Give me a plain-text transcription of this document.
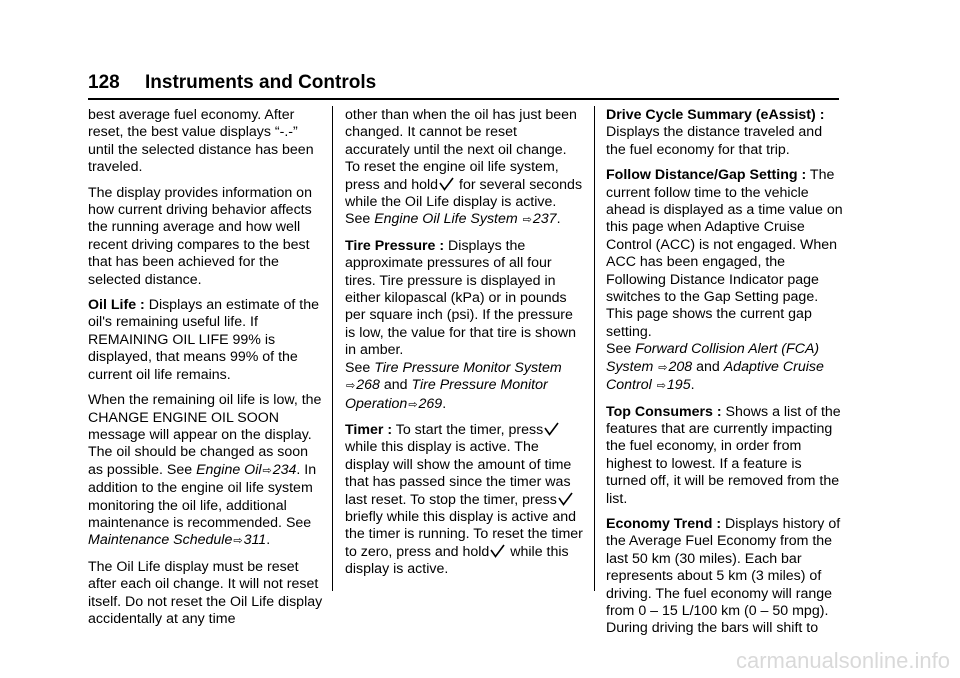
128 Instruments and Controls

best average fuel economy. After reset, the best value displays “-.-” until the selected distance has been traveled.

The display provides information on how current driving behavior affects the running average and how well recent driving compares to the best that has been achieved for the selected distance.

Oil Life : Displays an estimate of the oil's remaining useful life. If REMAINING OIL LIFE 99% is displayed, that means 99% of the current oil life remains.

When the remaining oil life is low, the CHANGE ENGINE OIL SOON message will appear on the display. The oil should be changed as soon as possible. See Engine Oil⇨234. In addition to the engine oil life system monitoring the oil life, additional maintenance is recommended. See Maintenance Schedule⇨311.

The Oil Life display must be reset after each oil change. It will not reset itself. Do not reset the Oil Life display accidentally at any time

other than when the oil has just been changed. It cannot be reset accurately until the next oil change. To reset the engine oil life system, press and hold
for several seconds while the Oil Life display is active. See Engine Oil Life System ⇨237.

Tire Pressure : Displays the approximate pressures of all four tires. Tire pressure is displayed in either kilopascal (kPa) or in pounds per square inch (psi). If the pressure is low, the value for that tire is shown in amber.
See Tire Pressure Monitor System ⇨268 and Tire Pressure Monitor Operation⇨269.

Timer : To start the timer, press
while this display is active. The display will show the amount of time that has passed since the timer was last reset. To stop the timer, press
briefly while this display is active and the timer is running. To reset the timer to zero, press and hold
while this display is active.

Drive Cycle Summary (eAssist) : Displays the distance traveled and the fuel economy for that trip.

Follow Distance/Gap Setting : The current follow time to the vehicle ahead is displayed as a time value on this page when Adaptive Cruise Control (ACC) is not engaged. When ACC has been engaged, the Following Distance Indicator page switches to the Gap Setting page. This page shows the current gap setting.
See Forward Collision Alert (FCA) System ⇨208 and Adaptive Cruise Control ⇨195.

Top Consumers : Shows a list of the features that are currently impacting the fuel economy, in order from highest to lowest. If a feature is turned off, it will be removed from the list.

Economy Trend : Displays history of the Average Fuel Economy from the last 50 km (30 miles). Each bar represents about 5 km (3 miles) of driving. The fuel economy will range from 0 – 15 L/100 km (0 – 50 mpg). During driving the bars will shift to

carmanualsonline.info
